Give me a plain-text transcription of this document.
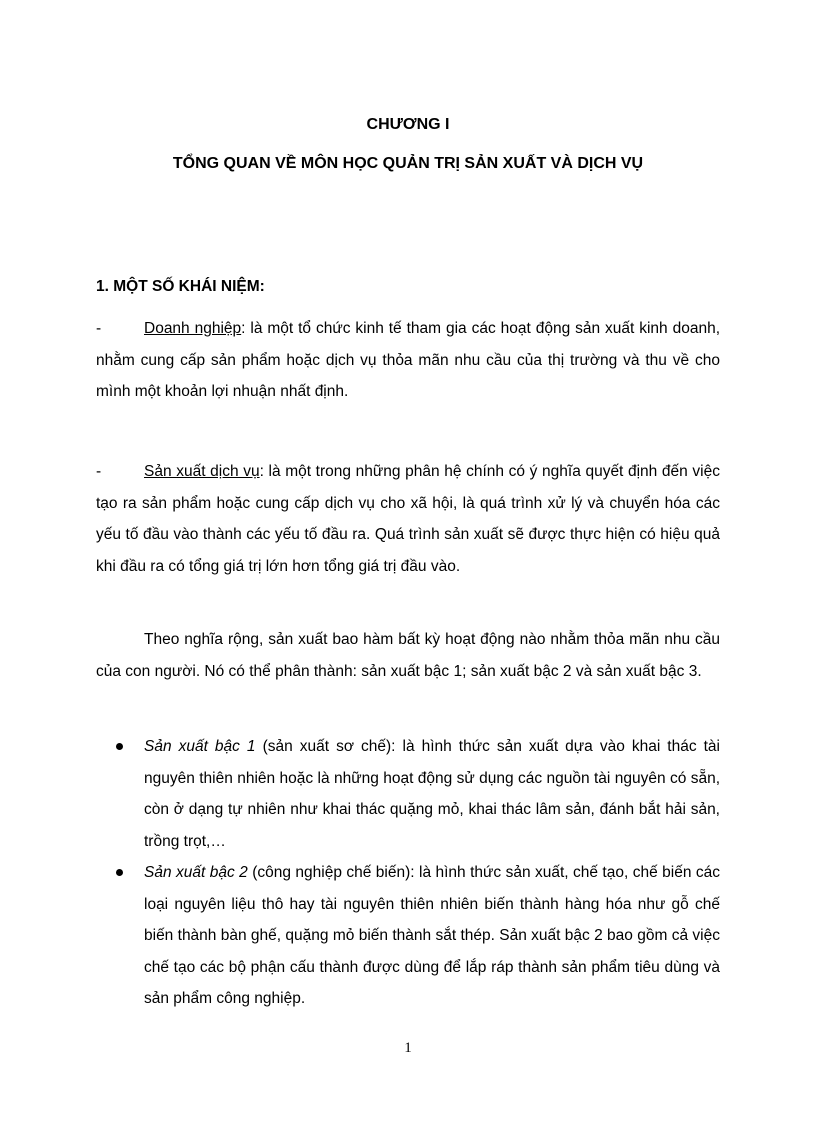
CHƯƠNG I
TỔNG QUAN VỀ MÔN HỌC QUẢN TRỊ SẢN XUẤT VÀ DỊCH VỤ
1. MỘT SỐ KHÁI NIỆM:

-	Doanh nghiệp: là một tổ chức kinh tế tham gia các hoạt động sản xuất kinh doanh, nhằm cung cấp sản phẩm hoặc dịch vụ thỏa mãn nhu cầu của thị trường và thu về cho mình một khoản lợi nhuận nhất định.

-	Sản xuất dịch vụ: là một trong những phân hệ chính có ý nghĩa quyết định đến việc tạo ra sản phẩm hoặc cung cấp dịch vụ cho xã hội, là quá trình xử lý và chuyển hóa các yếu tố đầu vào thành các yếu tố đầu ra. Quá trình sản xuất sẽ được thực hiện có hiệu quả khi đầu ra có tổng giá trị lớn hơn tổng giá trị đầu vào.

Theo nghĩa rộng, sản xuất bao hàm bất kỳ hoạt động nào nhằm thỏa mãn nhu cầu của con người. Nó có thể phân thành: sản xuất bậc 1; sản xuất bậc 2 và sản xuất bậc 3.

Sản xuất bậc 1 (sản xuất sơ chế): là hình thức sản xuất dựa vào khai thác tài nguyên thiên nhiên hoặc là những hoạt động sử dụng các nguồn tài nguyên có sẵn, còn ở dạng tự nhiên như khai thác quặng mỏ, khai thác lâm sản, đánh bắt hải sản, trồng trọt,…
Sản xuất bậc 2 (công nghiệp chế biến): là hình thức sản xuất, chế tạo, chế biến các loại nguyên liệu thô hay tài nguyên thiên nhiên biến thành hàng hóa như gỗ chế biến thành bàn ghế, quặng mỏ biến thành sắt thép. Sản xuất bậc 2 bao gồm cả việc chế tạo các bộ phận cấu thành được dùng để lắp ráp thành sản phẩm tiêu dùng và sản phẩm công nghiệp.
1
